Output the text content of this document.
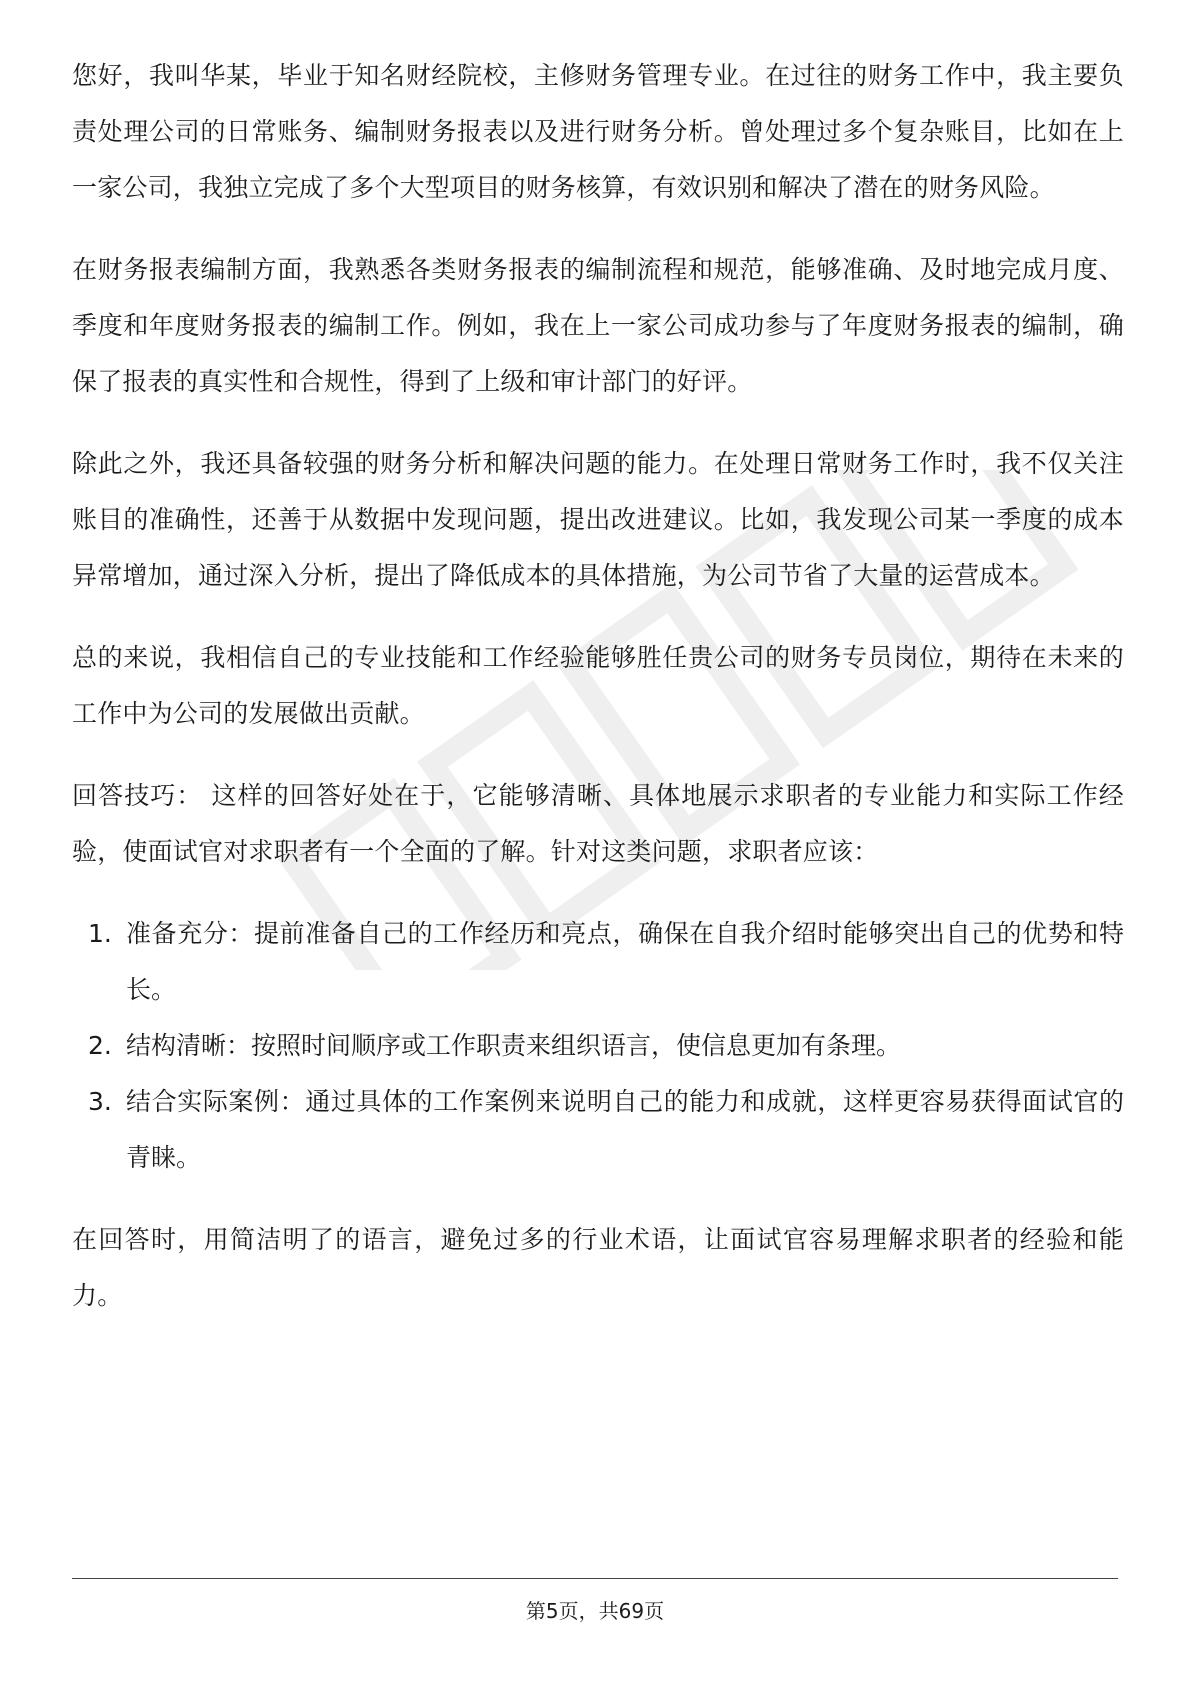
您好，我叫华某，毕业于知名财经院校，主修财务管理专业。在过往的财务工作中，我主要负责处理公司的日常账务、编制财务报表以及进行财务分析。曾处理过多个复杂账目，比如在上一家公司，我独立完成了多个大型项目的财务核算，有效识别和解决了潜在的财务风险。

在财务报表编制方面，我熟悉各类财务报表的编制流程和规范，能够准确、及时地完成月度、季度和年度财务报表的编制工作。例如，我在上一家公司成功参与了年度财务报表的编制，确保了报表的真实性和合规性，得到了上级和审计部门的好评。

除此之外，我还具备较强的财务分析和解决问题的能力。在处理日常财务工作时，我不仅关注账目的准确性，还善于从数据中发现问题，提出改进建议。比如，我发现公司某一季度的成本异常增加，通过深入分析，提出了降低成本的具体措施，为公司节省了大量的运营成本。

总的来说，我相信自己的专业技能和工作经验能够胜任贵公司的财务专员岗位，期待在未来的工作中为公司的发展做出贡献。

回答技巧： 这样的回答好处在于，它能够清晰、具体地展示求职者的专业能力和实际工作经验，使面试官对求职者有一个全面的了解。针对这类问题，求职者应该：

1. 准备充分：提前准备自己的工作经历和亮点，确保在自我介绍时能够突出自己的优势和特长。
2. 结构清晰：按照时间顺序或工作职责来组织语言，使信息更加有条理。
3. 结合实际案例：通过具体的工作案例来说明自己的能力和成就，这样更容易获得面试官的青睐。

在回答时，用简洁明了的语言，避免过多的行业术语，让面试官容易理解求职者的经验和能力。

第5页，共69页
